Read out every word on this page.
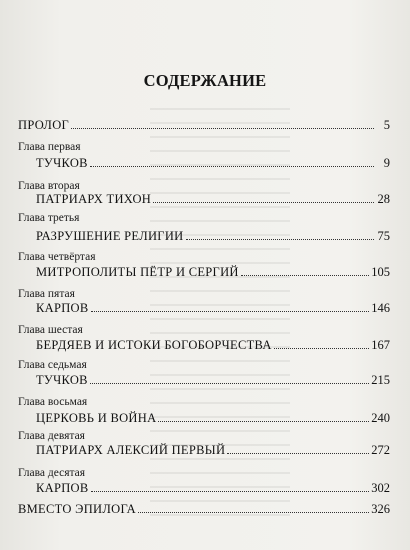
СОДЕРЖАНИЕ
ПРОЛОГ	5
Глава первая
ТУЧКОВ	9
Глава вторая
ПАТРИАРХ ТИХОН	28
Глава третья
РАЗРУШЕНИЕ РЕЛИГИИ	75
Глава четвёртая
МИТРОПОЛИТЫ ПЁТР И СЕРГИЙ	105
Глава пятая
КАРПОВ	146
Глава шестая
БЕРДЯЕВ И ИСТОКИ БОГОБОРЧЕСТВА	167
Глава седьмая
ТУЧКОВ	215
Глава восьмая
ЦЕРКОВЬ И ВОЙНА	240
Глава девятая
ПАТРИАРХ АЛЕКСИЙ ПЕРВЫЙ	272
Глава десятая
КАРПОВ	302
ВМЕСТО ЭПИЛОГА	326
